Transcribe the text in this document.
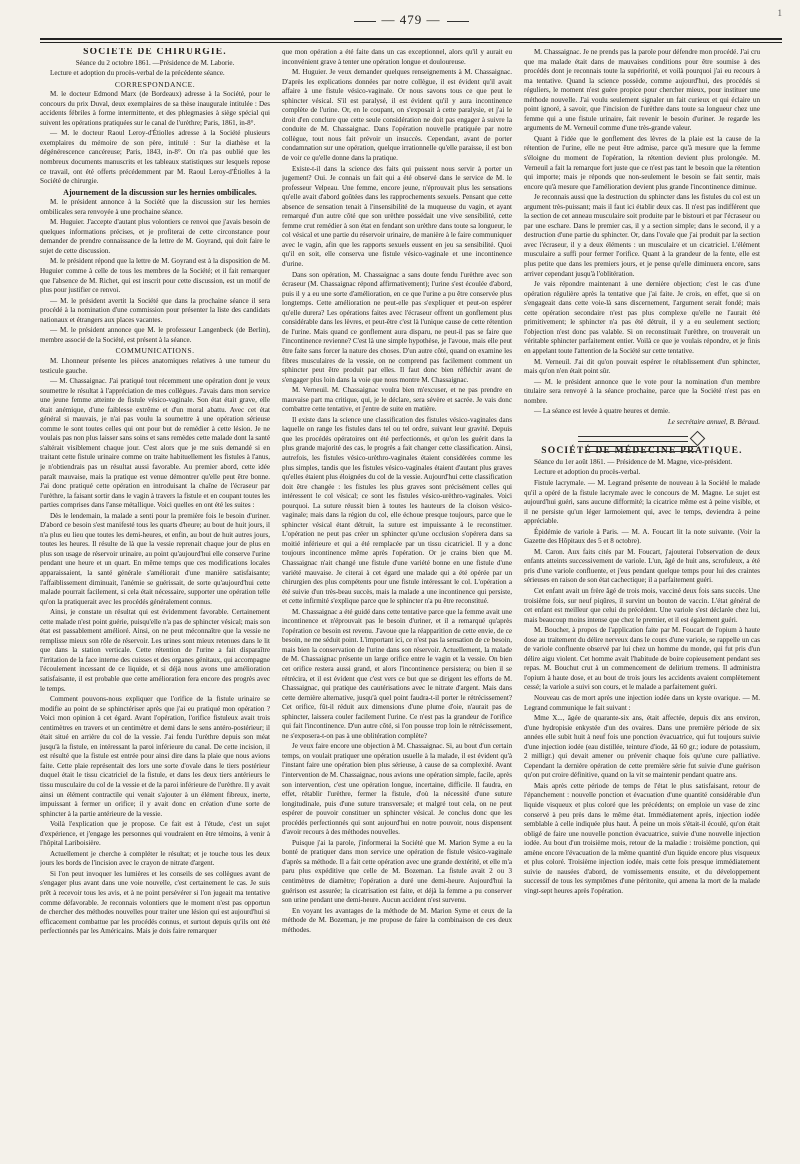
— 479 —	1

SOCIÉTÉ DE CHIRURGIE.

Séance du 2 octobre 1861. —Présidence de M. Laborie.

Lecture et adoption du procès-verbal de la précédente séance.

CORRESPONDANCE.

M. le docteur Edmond Marx (de Bordeaux) adresse à la Société, pour le concours du prix Duval, deux exemplaires de sa thèse inaugurale intitulée : Des accidents fébriles à forme intermittente, et des phlegmasies à siège spécial qui suivent les opérations pratiquées sur le canal de l'urèthre; Paris, 1861, in-8°.

— M. le docteur Raoul Leroy-d'Étiolles adresse à la Société plusieurs exemplaires du mémoire de son père, intitulé : Sur la diathèse et la dégénérescence cancéreuse; Paris, 1843, in-8°. On n'a pas oublié que les nombreux documents manuscrits et les tableaux statistiques sur lesquels repose ce travail, ont été offerts précédemment par M. Raoul Leroy-d'Étiolles à la Société de chirurgie.

Ajournement de la discussion sur les hernies ombilicales.

M. le président annonce à la Société que la discussion sur les hernies ombilicales sera renvoyée à une prochaine séance.

M. Huguier. J'accepte d'autant plus volontiers ce renvoi que j'avais besoin de quelques informations précises, et je profiterai de cette circonstance pour demander de prendre connaissance de la lettre de M. Goyrand, qui doit faire le sujet de cette discussion.

M. le président répond que la lettre de M. Goyrand est à la disposition de M. Huguier comme à celle de tous les membres de la Société; et il fait remarquer que l'absence de M. Richet, qui est inscrit pour cette discussion, est un motif de plus pour justifier ce renvoi.

— M. le président avertit la Société que dans la prochaine séance il sera procédé à la nomination d'une commission pour présenter la liste des candidats nationaux et étrangers aux places vacantes.

— M. le président annonce que M. le professeur Langenbeck (de Berlin), membre associé de la Société, est présent à la séance.

COMMUNICATIONS.

M. Lhonneur présente les pièces anatomiques relatives à une tumeur du testicule gauche.

— M. Chassaignac. J'ai pratiqué tout récemment une opération dont je veux soumettre le résultat à l'appréciation de mes collègues. J'avais dans mon service une jeune femme atteinte de fistule vésico-vaginale. Son état était grave, elle était anémique, d'une faiblesse extrême et d'un moral abattu. Avec cet état général si mauvais, je n'ai pas voulu la soumettre à une opération sérieuse comme le sont toutes celles qui ont pour but de remédier à cette lésion. Je ne voulais pas non plus laisser sans soins et sans remèdes cette malade dont la santé s'altérait visiblement chaque jour. C'est alors que je me suis demandé si en traitant cette fistule urinaire comme on traite habituellement les fistules à l'anus, je n'obtiendrais pas un résultat aussi favorable. Au premier abord, cette idée paraît mauvaise, mais la pratique est venue démontrer qu'elle peut être bonne. J'ai donc pratiqué cette opération en introduisant la chaîne de l'écraseur par l'urèthre, la faisant sortir dans le vagin à travers la fistule et en coupant toutes les parties comprises dans l'anse métallique. Voici quelles en ont été les suites :

Dès le lendemain, la malade a senti pour la première fois le besoin d'uriner. D'abord ce besoin s'est manifesté tous les quarts d'heure; au bout de huit jours, il n'a plus eu lieu que toutes les demi-heures, et enfin, au bout de huit autres jours, toutes les heures. Il résulte de là que la vessie reprenait chaque jour de plus en plus son usage de réservoir urinaire, au point qu'aujourd'hui elle conserve l'urine pendant une heure et un quart. En même temps que ces modifications locales apparaissaient, la santé générale s'améliorait d'une manière satisfaisante; l'affaiblissement diminuait, l'anémie se guérissait, de sorte qu'aujourd'hui cette malade pourrait facilement, si cela était nécessaire, supporter une opération telle qu'on la pratiquerait avec les procédés généralement connus.

Ainsi, je constate un résultat qui est évidemment favorable. Certainement cette malade n'est point guérie, puisqu'elle n'a pas de sphincter vésical; mais son état est passablement amélioré. Ainsi, on ne peut méconnaître que la vessie ne remplisse mieux son rôle de réservoir. Les urines sont mieux retenues dans le lit que dans la station verticale. Cette rétention de l'urine a fait disparaître l'irritation de la face interne des cuisses et des organes génitaux, qui accompagne l'écoulement incessant de ce liquide, et si déjà nous avons une amélioration satisfaisante, il est probable que cette amélioration fera encore des progrès avec le temps.

Comment pouvons-nous expliquer que l'orifice de la fistule urinaire se modifie au point de se sphinctériser après que j'ai eu pratiqué mon opération ? Voici mon opinion à cet égard. Avant l'opération, l'orifice fistuleux avait trois centimètres en travers et un centimètre et demi dans le sens antéro-postérieur; il était situé en arrière du col de la vessie. J'ai fendu l'urèthre depuis son méat jusqu'à la fistule, en intéressant la paroi inférieure du canal. De cette incision, il est résulté que la fistule est entrée pour ainsi dire dans la plaie que nous avions faite. Cette plaie représentait des lors une sorte d'ovale dans le tiers postérieur duquel était le tissu cicatriciel de la fistule, et dans les deux tiers antérieurs le tissu musculaire du col de la vessie et de la paroi inférieure de l'urèthre. Il y avait ainsi un élément contractile qui venait s'ajouter à un élément fibreux, inerte, impuissant à fermer un orifice; il y avait donc en création d'une sorte de sphincter à la partie antérieure de la vessie.

Voilà l'explication que je propose. Ce fait est à l'étude, c'est un sujet d'expérience, et j'engage les personnes qui voudraient en être témoins, à venir à l'hôpital Lariboisière.

Actuellement je cherche à compléter le résultat; et je touche tous les deux jours les bords de l'incision avec le crayon de nitrate d'argent.

Si l'on peut invoquer les lumières et les conseils de ses collègues avant de s'engager plus avant dans une voie nouvelle, c'est certainement le cas. Je suis prêt à recevoir tous les avis, et à ne point persévérer si l'on jugeait ma tentative comme défavorable. Je reconnais volontiers que le moment n'est pas opportun de chercher des méthodes nouvelles pour traiter une lésion qui est aujourd'hui si efficacement combattue par les procédés connus, et surtout depuis qu'ils ont été perfectionnés par les Américains. Mais je dois faire remarquer

que mon opération a été faite dans un cas exceptionnel, alors qu'il y aurait eu inconvénient grave à tenter une opération longue et douloureuse.

M. Huguier. Je veux demander quelques renseignements à M. Chassaignac. D'après les explications données par notre collègue, il est évident qu'il avait affaire à une fistule vésico-vaginale. Or nous savons tous ce que peut le sphincter vésical. S'il est paralysé, il est évident qu'il y aura incontinence complète de l'urine. Or, en le coupant, on s'exposait à cette paralysie, et j'ai le droit d'en conclure que cette seule considération ne doit pas engager à suivre la conduite de M. Chassaignac. Dans l'opération nouvelle pratiquée par notre collègue, tout nous fait prévoir un insuccès. Cependant, avant de porter condamnation sur une opération, quelque irrationnelle qu'elle paraisse, il est bon de voir ce qu'elle donne dans la pratique.

Existe-t-il dans la science des faits qui puissent nous servir à porter un jugement? Oui. Je connais un fait qui a été observé dans le service de M. le professeur Velpeau. Une femme, encore jeune, n'éprouvait plus les sensations qu'elle avait d'abord goûtées dans les rapprochements sexuels. Pensant que cette absence de sensation tenait à l'insensibilité de la muqueuse du vagin, et ayant remarqué d'un autre côté que son urèthre possédait une vive sensibilité, cette femme crut remédier à son état en fendant son urèthre dans toute sa longueur, le col vésical et une partie du réservoir urinaire, de manière à le faire communiquer avec le vagin, afin que les rapports sexuels eussent en jeu sa sensibilité. Quoi qu'il en soit, elle conserva une fistule vésico-vaginale et une incontinence d'urine.

Dans son opération, M. Chassaignac a sans doute fendu l'urèthre avec son écraseur (M. Chassaignac répond affirmativement); l'urine s'est écoulée d'abord, puis il y a eu une sorte d'amélioration, en ce que l'urine a pu être conservée plus longtemps. Cette amélioration ne peut-elle pas s'expliquer et peut-on espérer qu'elle durera? Les opérations faites avec l'écraseur offrent un gonflement plus considérable dans les lèvres, et peut-être c'est là l'unique cause de cette rétention de l'urine. Mais quand ce gonflement aura disparu, ne peut-il pas se faire que l'incontinence revienne? C'est là une simple hypothèse, je l'avoue, mais elle peut être faite sans forcer la nature des choses. D'un autre côté, quand on examine les fibres musculaires de la vessie, on ne comprend pas facilement comment un sphincter peut être produit par elles. Il faut donc bien réfléchir avant de s'engager plus loin dans la voie que nous montre M. Chassaignac.

M. Verneuil. M. Chassaignac voulra bien m'excuser, et ne pas prendre en mauvaise part ma critique, qui, je le déclare, sera sévère et sacrée. Je vais donc combattre cette tentative, et j'entre de suite en matière.

Il existe dans la science une classification des fistules vésico-vaginales dans laquelle on range les fistules dans tel ou tel ordre, suivant leur gravité. Depuis que les procédés opératoires ont été perfectionnés, et qu'on les guérit dans la plus grande majorité des cas, le progrès a fait changer cette classification. Ainsi, autrefois, les fistules vésico-urèthro-vaginales étaient considérées comme les plus simples, tandis que les fistules vésico-vaginales étaient d'autant plus graves qu'elles étaient plus éloignées du col de la vessie. Aujourd'hui cette classification doit être changée : les fistules les plus graves sont précisément celles qui intéressent le col vésical; ce sont les fistules vésico-urèthro-vaginales. Voici pourquoi. La suture réussit bien à toutes les hauteurs de la cloison vésico-vaginale; mais dans la région du col, elle échoue presque toujours, parce que le sphincter vésical étant détruit, la suture est impuissante à le reconstituer. L'opération ne peut pas créer un sphincter qu'une occlusion s'opérera dans sa moitié inférieure et qui a été remplacée par un tissu cicatriciel. Il y a donc toujours incontinence même après l'opération. Or je crains bien que M. Chassaignac n'ait changé une fistule d'une variété bonne en une fistule d'une variété mauvaise. Je citerai à cet égard une malade qui a été opérée par un chirurgien des plus compétents pour une fistule intéressant le col. L'opération a été suivie d'un très-beau succès, mais la malade a une incontinence qui persiste, et cette infirmité s'explique parce que le sphincter n'a pu être reconstitué.

M. Chassaignac a été guidé dans cette tentative parce que la femme avait une incontinence et n'éprouvait pas le besoin d'uriner, et il a remarqué qu'après l'opération ce besoin est revenu. J'avoue que la réapparition de cette envie, de ce besoin, ne me séduit point. L'important ici, ce n'est pas la sensation de ce besoin, mais bien la conservation de l'urine dans son réservoir. Actuellement, la malade de M. Chassaignac présente un large orifice entre le vagin et la vessie. On bien cet orifice restera aussi grand, et alors l'incontinence persistera; ou bien il se rétrécira, et il est évident que c'est vers ce but que se dirigent les efforts de M. Chassaignac, qui pratique des cautérisations avec le nitrate d'argent. Mais dans cette dernière alternative, jusqu'à quel point faudra-t-il porter le rétrécissement? Cet orifice, fût-il réduit aux dimensions d'une plume d'oie, n'aurait pas de sphincter, laissera couler facilement l'urine. Ce n'est pas la grandeur de l'orifice qui fait l'incontinence. D'un autre côté, si l'on pousse trop loin le rétrécissement, ne s'exposera-t-on pas à une oblitération complète?

Je veux faire encore une objection à M. Chassaignac. Si, au bout d'un certain temps, on voulait pratiquer une opération usuelle à la malade, il est évident qu'à l'instant faire une opération bien plus sérieuse, à cause de sa complexité. Avant l'intervention de M. Chassaignac, nous avions une opération simple, facile, après son intervention, c'est une opération longue, incertaine, difficile. Il faudra, en effet, rétablir l'urèthre, fermer la fistule, d'où la nécessité d'une suture longitudinale, puis d'une suture transversale; et malgré tout cela, on ne peut espérer de pouvoir constituer un sphincter vésical. Je conclus donc que les procédés perfectionnés qui sont aujourd'hui en notre pouvoir, nous dispensent d'avoir recours à des méthodes nouvelles.

Puisque j'ai la parole, j'informerai la Société que M. Marion Syme a eu la bonté de pratiquer dans mon service une opération de fistule vésico-vaginale d'après sa méthode. Il a fait cette opération avec une grande dextérité, et elle m'a paru plus expéditive que celle de M. Bozeman. La fistule avait 2 ou 3 centimètres de diamètre; l'opération a duré une demi-heure. Aujourd'hui la guérison est assurée; la cicatrisation est faite, et déjà la femme a pu conserver son urine pendant une demi-heure. Aucun accident n'est survenu.

En voyant les avantages de la méthode de M. Marion Syme et ceux de la méthode de M. Bozeman, je me propose de faire la combinaison de ces deux méthodes.

M. Chassaignac. Je ne prends pas la parole pour défendre mon procédé. J'ai cru que ma malade était dans de mauvaises conditions pour être soumise à des procédés dont je reconnais toute la supériorité, et voilà pourquoi j'ai eu recours à ma tentative. Quand la science possède, comme aujourd'hui, des procédés si réguliers, le moment n'est guère propice pour chercher mieux, pour instituer une méthode nouvelle. J'ai voulu seulement signaler un fait curieux et qui éclaire un point ignoré, à savoir, que l'incision de l'urèthre dans toute sa longueur chez une femme qui a une fistule urinaire, fait revenir le besoin d'uriner. Je regarde les arguments de M. Verneuil comme d'une très-grande valeur.

Quant à l'idée que le gonflement des lèvres de la plaie est la cause de la rétention de l'urine, elle ne peut être admise, parce qu'à mesure que la femme s'éloigne du moment de l'opération, la rétention devient plus prolongée. M. Verneuil a fait la remarque fort juste que ce n'est pas tant le besoin que la rétention qui importe; mais je réponds que non-seulement le besoin se fait sentir, mais encore qu'à mesure que l'amélioration devient plus grande l'incontinence diminue.

Je reconnais aussi que la destruction du sphincter dans les fistules du col est un argument très-puissant; mais il faut ici établir deux cas. Il n'est pas indifférent que la section de cet anneau musculaire soit produite par le bistouri et par l'écraseur ou par une eschare. Dans le premier cas, il y a section simple; dans le second, il y a destruction d'une partie du sphincter. Or, dans l'ovale que j'ai produit par la section avec l'écraseur, il y a deux éléments : un musculaire et un cicatriciel. L'élément musculaire a suffi pour fermer l'orifice. Quant à la grandeur de la fente, elle est plus petite que dans les premiers jours, et je pense qu'elle diminuera encore, sans arriver cependant jusqu'à l'oblitération.

Je vais répondre maintenant à une dernière objection; c'est le cas d'une opération régulière après la tentative que j'ai faite. Je crois, en effet, que si on s'engageait dans cette voie-là sans discernement, l'argument serait fondé; mais cette opération secondaire n'est pas plus complexe qu'elle ne l'aurait été primitivement; le sphincter n'a pas été détruit, il y a eu seulement section; l'objection n'est donc pas valable. Si on reconstituait l'urèthre, on trouverait un véritable sphincter parfaitement entier. Voilà ce que je voulais répondre, et je finis en appelant toute l'attention de la Société sur cette tentative.

M. Verneuil. J'ai dit qu'on pouvait espérer le rétablissement d'un sphincter, mais qu'on n'en était point sûr.

— M. le président annonce que le vote pour la nomination d'un membre titulaire sera renvoyé à la séance prochaine, parce que la Société n'est pas en nombre.

— La séance est levée à quatre heures et demie.

Le secrétaire annuel, B. Béraud.

SOCIÉTÉ DE MÉDECINE PRATIQUE.

Séance du 1er août 1861. — Présidence de M. Magne, vice-président.

Lecture et adoption du procès-verbal.

Fistule lacrymale. — M. Legrand présente de nouveau à la Société le malade qu'il a opéré de la fistule lacrymale avec le concours de M. Magne. Le sujet est aujourd'hui guéri, sans aucune difformité; la cicatrice même est à peine visible, et il ne persiste qu'un léger larmoiement qui, avec le temps, deviendra à peine appréciable.

Épidémie de variole à Paris. — M. A. Foucart lit la note suivante. (Voir la Gazette des Hôpitaux des 5 et 8 octobre).

M. Caron. Aux faits cités par M. Foucart, j'ajouterai l'observation de deux enfants atteints successivement de variole. L'un, âgé de huit ans, scrofuleux, a été pris d'une variole confluente, et j'eus pendant quelque temps pour lui des craintes sérieuses en raison de son état cachectique; il a parfaitement guéri.

Cet enfant avait un frère âgé de trois mois, vacciné deux fois sans succès. Une troisième fois, sur neuf piqûres, il survint un bouton de vaccin. L'état général de cet enfant est meilleur que celui du précédent. Une variole s'est déclarée chez lui, mais beaucoup moins intense que chez le premier, et il est également guéri.

M. Boucher, à propos de l'application faite par M. Foucart de l'opium à haute dose au traitement du délire nerveux dans le cours d'une variole, se rappelle un cas de variole confluente observé par lui chez un homme du monde, qui fut pris d'un délire aigu violent. Cet homme avait l'habitude de boire copieusement pendant ses repas. M. Bouchut crut à un commencement de delirium tremens. Il administra l'opium à haute dose, et au bout de trois jours les accidents avaient complètement cessé; la variole a suivi son cours, et le malade a parfaitement guéri.

Nouveau cas de mort après une injection iodée dans un kyste ovarique. — M. Legrand communique le fait suivant :

Mme X..., âgée de quarante-six ans, était affectée, depuis dix ans environ, d'une hydropisie enkystée d'un des ovaires. Dans une première période de six années elle subit huit à neuf fois une ponction évacuatrice, qui fut toujours suivie d'une injection iodée (eau distillée, teinture d'iode, ãã 60 gr.; iodure de potassium, 2 milligr.) qui devait amener ou prévenir chaque fois qu'une cure palliative. Cependant la dernière opération de cette première série fut suivie d'une guérison qu'on put croire définitive, quand on la vit se maintenir pendant quatre ans.

Mais après cette période de temps de l'état le plus satisfaisant, retour de l'épanchement : nouvelle ponction et évacuation d'une quantité considérable d'un liquide visqueux et plus coloré que les précédents; on emploie un vase de zinc conservé à peu près dans le même état. Immédiatement après, injection iodée semblable à celle indiquée plus haut. À peine un mois s'était-il écoulé, qu'on était obligé de faire une nouvelle ponction évacuatrice, suivie d'une nouvelle injection iodée. Au bout d'un troisième mois, retour de la maladie : troisième ponction, qui amène encore l'évacuation de la même quantité d'un liquide encore plus visqueux et plus coloré. Troisième injection iodée, mais cette fois presque immédiatement suivie de nausées d'abord, de vomissements ensuite, et du développement successif de tous les symptômes d'une péritonite, qui amena la mort de la malade vingt-sept heures après l'opération.
